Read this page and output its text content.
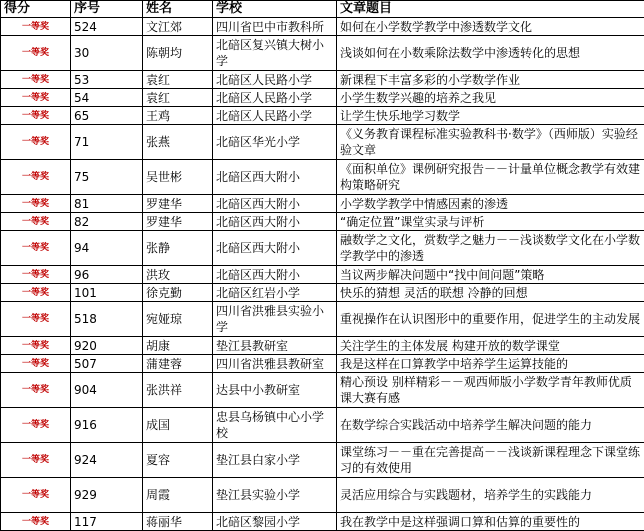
得分	序号	姓名	学校	文章题目
一等奖	524	文江郊	四川省巴中市教科所	如何在小学数学教学中渗透数学文化
一等奖	30	陈朝均	北碚区复兴镇大树小学	浅谈如何在小数乘除法数学中渗透转化的思想
一等奖	53	袁红	北碚区人民路小学	新课程下丰富多彩的小学数学作业
一等奖	54	袁红	北碚区人民路小学	小学生数学兴趣的培养之我见
一等奖	65	王鸡	北碚区人民路小学	让学生快乐地学习数学
一等奖	71	张燕	北碚区华光小学	《义务教育课程标准实验教科书·数学》（西师版）实验经验文章
一等奖	75	吴世彬	北碚区西大附小	《面积单位》课例研究报告－－计量单位概念教学有效建构策略研究
一等奖	81	罗建华	北碚区西大附小	小学数学教学中情感因素的渗透
一等奖	82	罗建华	北碚区西大附小	“确定位置”课堂实录与评析
一等奖	94	张静	北碚区西大附小	融数学之文化，赏数学之魅力－－浅谈数学文化在小学数学教学中的渗透
一等奖	96	洪玫	北碚区西大附小	当议两步解决问题中“找中间问题”策略
一等奖	101	徐克勤	北碚区红岩小学	快乐的猜想 灵活的联想 冷静的回想
一等奖	518	宛娅琼	四川省洪雅县实验小学	重视操作在认识图形中的重要作用，促进学生的主动发展
一等奖	920	胡康	垫江县教研室	关注学生的主体发展 构建开放的数学课堂
一等奖	507	蒲建蓉	四川省洪雅县教研室	我是这样在口算教学中培养学生运算技能的
一等奖	904	张洪祥	达县中小教研室	精心预设 别样精彩－－观西师版小学数学青年教师优质课大赛有感
一等奖	916	成国	忠县乌杨镇中心小学校	在数学综合实践活动中培养学生解决问题的能力
一等奖	924	夏容	垫江县白家小学	课堂练习－－重在完善提高－－浅谈新课程理念下课堂练习的有效使用
一等奖	929	周霞	垫江县实验小学	灵活应用综合与实践题材，培养学生的实践能力
一等奖	117	蒋丽华	北碚区黎园小学	我在教学中是这样强调口算和估算的重要性的
